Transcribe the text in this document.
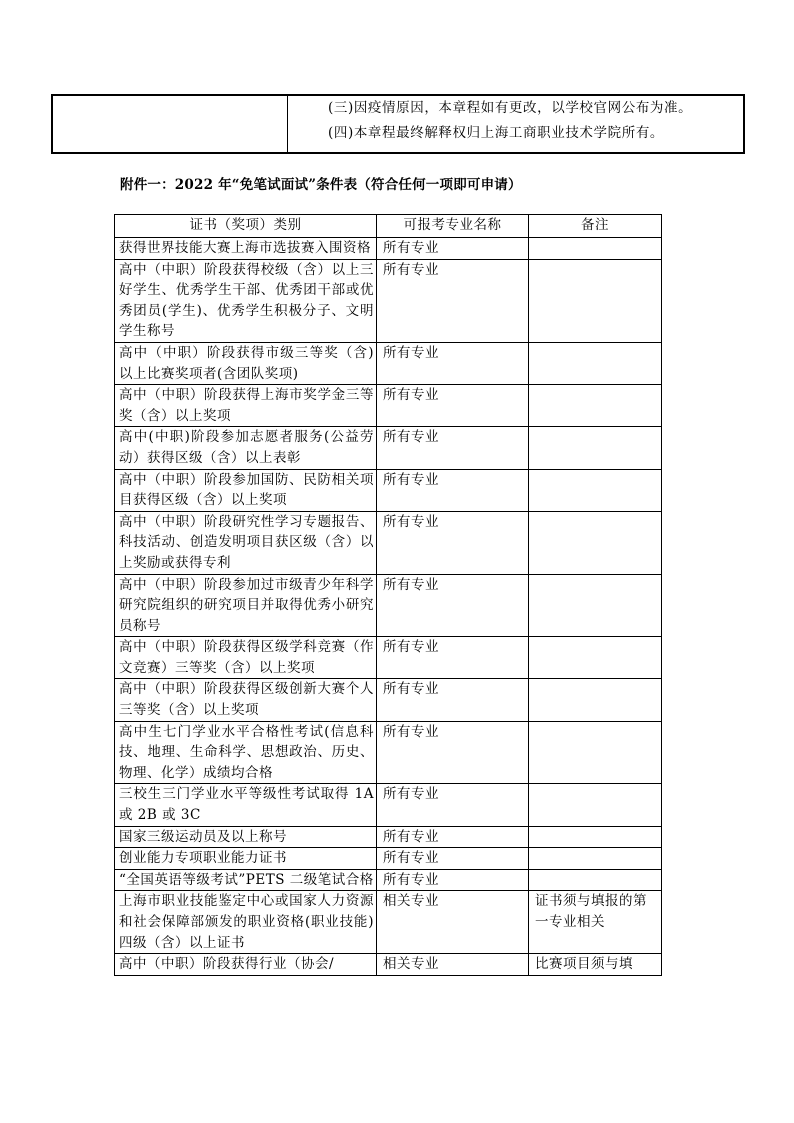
(三)因疫情原因，本章程如有更改，以学校官网公布为准。
(四)本章程最终解释权归上海工商职业技术学院所有。
附件一：2022 年“免笔试面试”条件表（符合任何一项即可申请）
证书（奖项）类别	可报考专业名称	备注
获得世界技能大赛上海市选拔赛入围资格	所有专业	
高中（中职）阶段获得校级（含）以上三好学生、优秀学生干部、优秀团干部或优秀团员(学生)、优秀学生积极分子、文明学生称号	所有专业	
高中（中职）阶段获得市级三等奖（含)以上比赛奖项者(含团队奖项)	所有专业	
高中（中职）阶段获得上海市奖学金三等奖（含）以上奖项	所有专业	
高中(中职)阶段参加志愿者服务(公益劳动）获得区级（含）以上表彰	所有专业	
高中（中职）阶段参加国防、民防相关项目获得区级（含）以上奖项	所有专业	
高中（中职）阶段研究性学习专题报告、科技活动、创造发明项目获区级（含）以上奖励或获得专利	所有专业	
高中（中职）阶段参加过市级青少年科学研究院组织的研究项目并取得优秀小研究员称号	所有专业	
高中（中职）阶段获得区级学科竞赛（作文竞赛）三等奖（含）以上奖项	所有专业	
高中（中职）阶段获得区级创新大赛个人三等奖（含）以上奖项	所有专业	
高中生七门学业水平合格性考试(信息科技、地理、生命科学、思想政治、历史、物理、化学）成绩均合格	所有专业	
三校生三门学业水平等级性考试取得 1A 或 2B 或 3C	所有专业	
国家三级运动员及以上称号	所有专业	
创业能力专项职业能力证书	所有专业	
“全国英语等级考试”PETS 二级笔试合格	所有专业	
上海市职业技能鉴定中心或国家人力资源和社会保障部颁发的职业资格(职业技能)四级（含）以上证书	相关专业	证书须与填报的第一专业相关
高中（中职）阶段获得行业（协会/	相关专业	比赛项目须与填
